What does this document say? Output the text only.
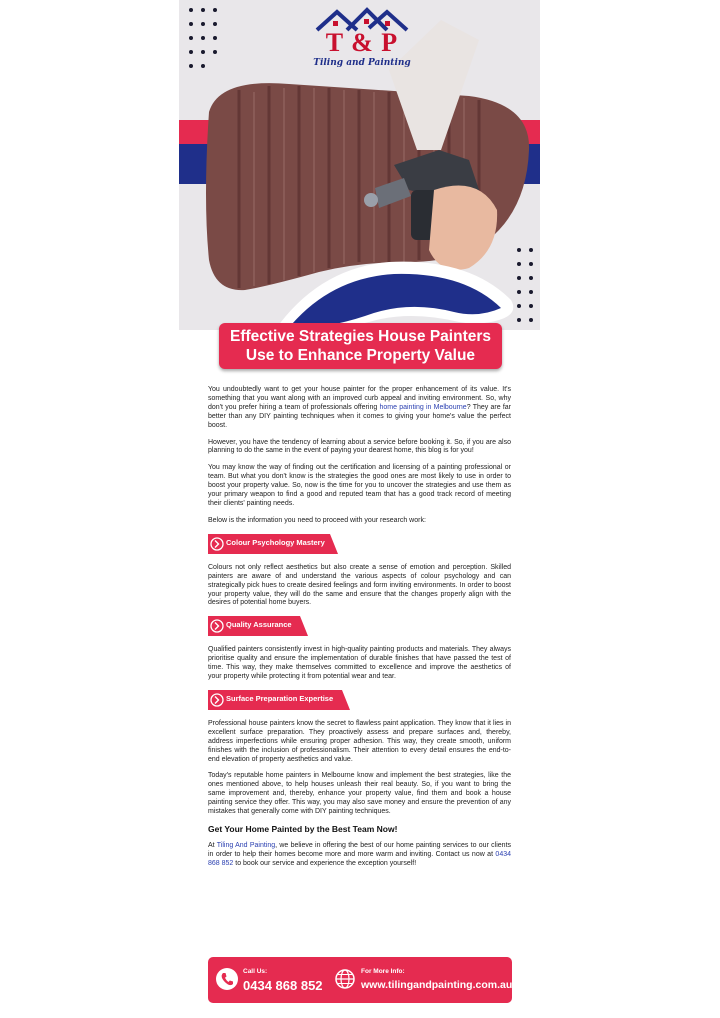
T & P
Tiling and Painting
Effective Strategies House Painters Use to Enhance Property Value

You undoubtedly want to get your house painter for the proper enhancement of its value. It's something that you want along with an improved curb appeal and inviting environment. So, why don't you prefer hiring a team of professionals offering home painting in Melbourne? They are far better than any DIY painting techniques when it comes to giving your home's value the perfect boost.

However, you have the tendency of learning about a service before booking it. So, if you are also planning to do the same in the event of paying your dearest home, this blog is for you!

You may know the way of finding out the certification and licensing of a painting professional or team. But what you don't know is the strategies the good ones are most likely to use in order to boost your property value. So, now is the time for you to uncover the strategies and use them as your primary weapon to find a good and reputed team that has a good track record of meeting their clients' painting needs.

Below is the information you need to proceed with your research work:

Colour Psychology Mastery

Colours not only reflect aesthetics but also create a sense of emotion and perception. Skilled painters are aware of and understand the various aspects of colour psychology and can strategically pick hues to create desired feelings and form inviting environments. In order to boost your property value, they will do the same and ensure that the changes properly align with the desires of potential home buyers.

Quality Assurance

Qualified painters consistently invest in high-quality painting products and materials. They always prioritise quality and ensure the implementation of durable finishes that have passed the test of time. This way, they make themselves committed to excellence and improve the aesthetics of your property while protecting it from potential wear and tear.

Surface Preparation Expertise

Professional house painters know the secret to flawless paint application. They know that it lies in excellent surface preparation. They proactively assess and prepare surfaces and, thereby, address imperfections while ensuring proper adhesion. This way, they create smooth, uniform finishes with the inclusion of professionalism. Their attention to every detail ensures the end-to-end elevation of property aesthetics and value.

Today's reputable home painters in Melbourne know and implement the best strategies, like the ones mentioned above, to help houses unleash their real beauty. So, if you want to bring the same improvement and, thereby, enhance your property value, find them and book a house painting service they offer. This way, you may also save money and ensure the prevention of any mistakes that generally come with DIY painting techniques.

Get Your Home Painted by the Best Team Now!

At Tiling And Painting, we believe in offering the best of our home painting services to our clients in order to help their homes become more and more warm and inviting. Contact us now at 0434 868 852 to book our service and experience the exception yourself!

Call Us:
0434 868 852
For More Info:
www.tilingandpainting.com.au
